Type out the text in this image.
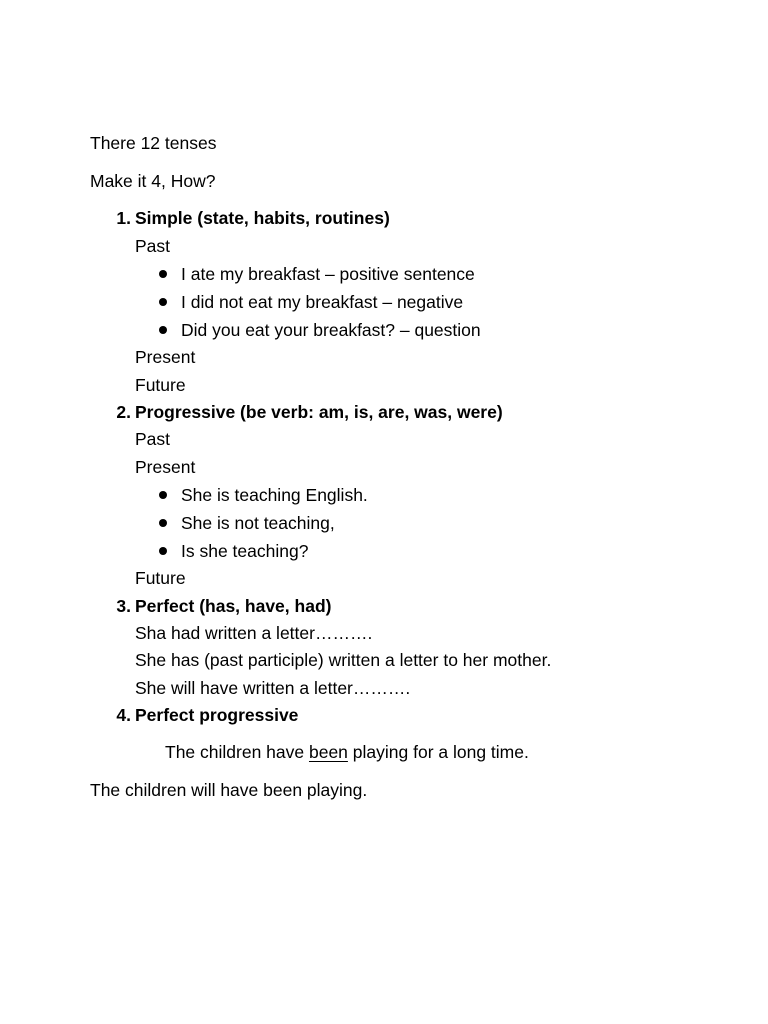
There 12 tenses
Make it 4, How?
1. Simple (state, habits, routines)
Past
I ate my breakfast – positive sentence
I did not eat my breakfast – negative
Did you eat your breakfast? – question
Present
Future
2. Progressive (be verb: am, is, are, was, were)
Past
Present
She is teaching English.
She is not teaching,
Is she teaching?
Future
3. Perfect (has, have, had)
Sha had written a letter……….
She has (past participle) written a letter to her mother.
She will have written a letter……….
4. Perfect progressive
The children have been playing for a long time.
The children will have been playing.
